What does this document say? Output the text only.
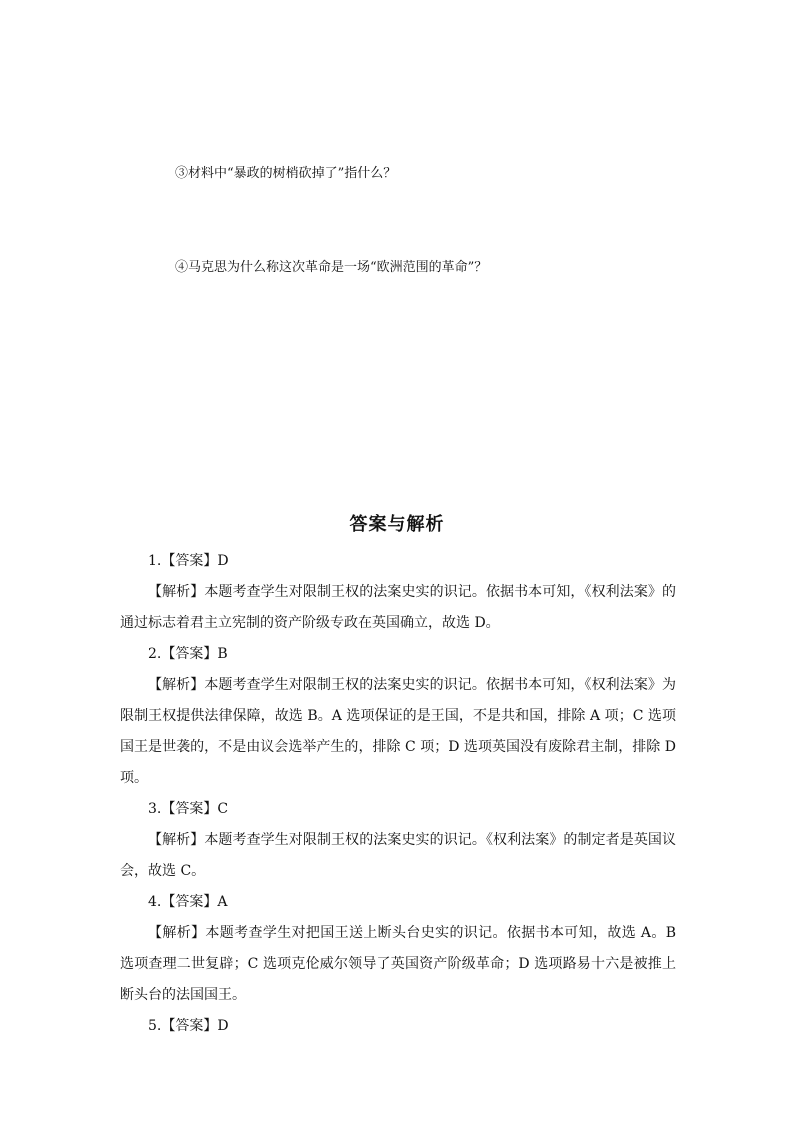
③材料中“暴政的树梢砍掉了”指什么？
④马克思为什么称这次革命是一场“欧洲范围的革命”？
答案与解析

1.【答案】D

【解析】本题考查学生对限制王权的法案史实的识记。依据书本可知，《权利法案》的通过标志着君主立宪制的资产阶级专政在英国确立，故选 D。

2.【答案】B

【解析】本题考查学生对限制王权的法案史实的识记。依据书本可知，《权利法案》为限制王权提供法律保障，故选 B。A 选项保证的是王国，不是共和国，排除 A 项；C 选项国王是世袭的，不是由议会选举产生的，排除 C 项；D 选项英国没有废除君主制，排除 D 项。

3.【答案】C

【解析】本题考查学生对限制王权的法案史实的识记。《权利法案》的制定者是英国议会，故选 C。

4.【答案】A

【解析】本题考查学生对把国王送上断头台史实的识记。依据书本可知，故选 A。B 选项查理二世复辟；C 选项克伦威尔领导了英国资产阶级革命；D 选项路易十六是被推上断头台的法国国王。

5.【答案】D
